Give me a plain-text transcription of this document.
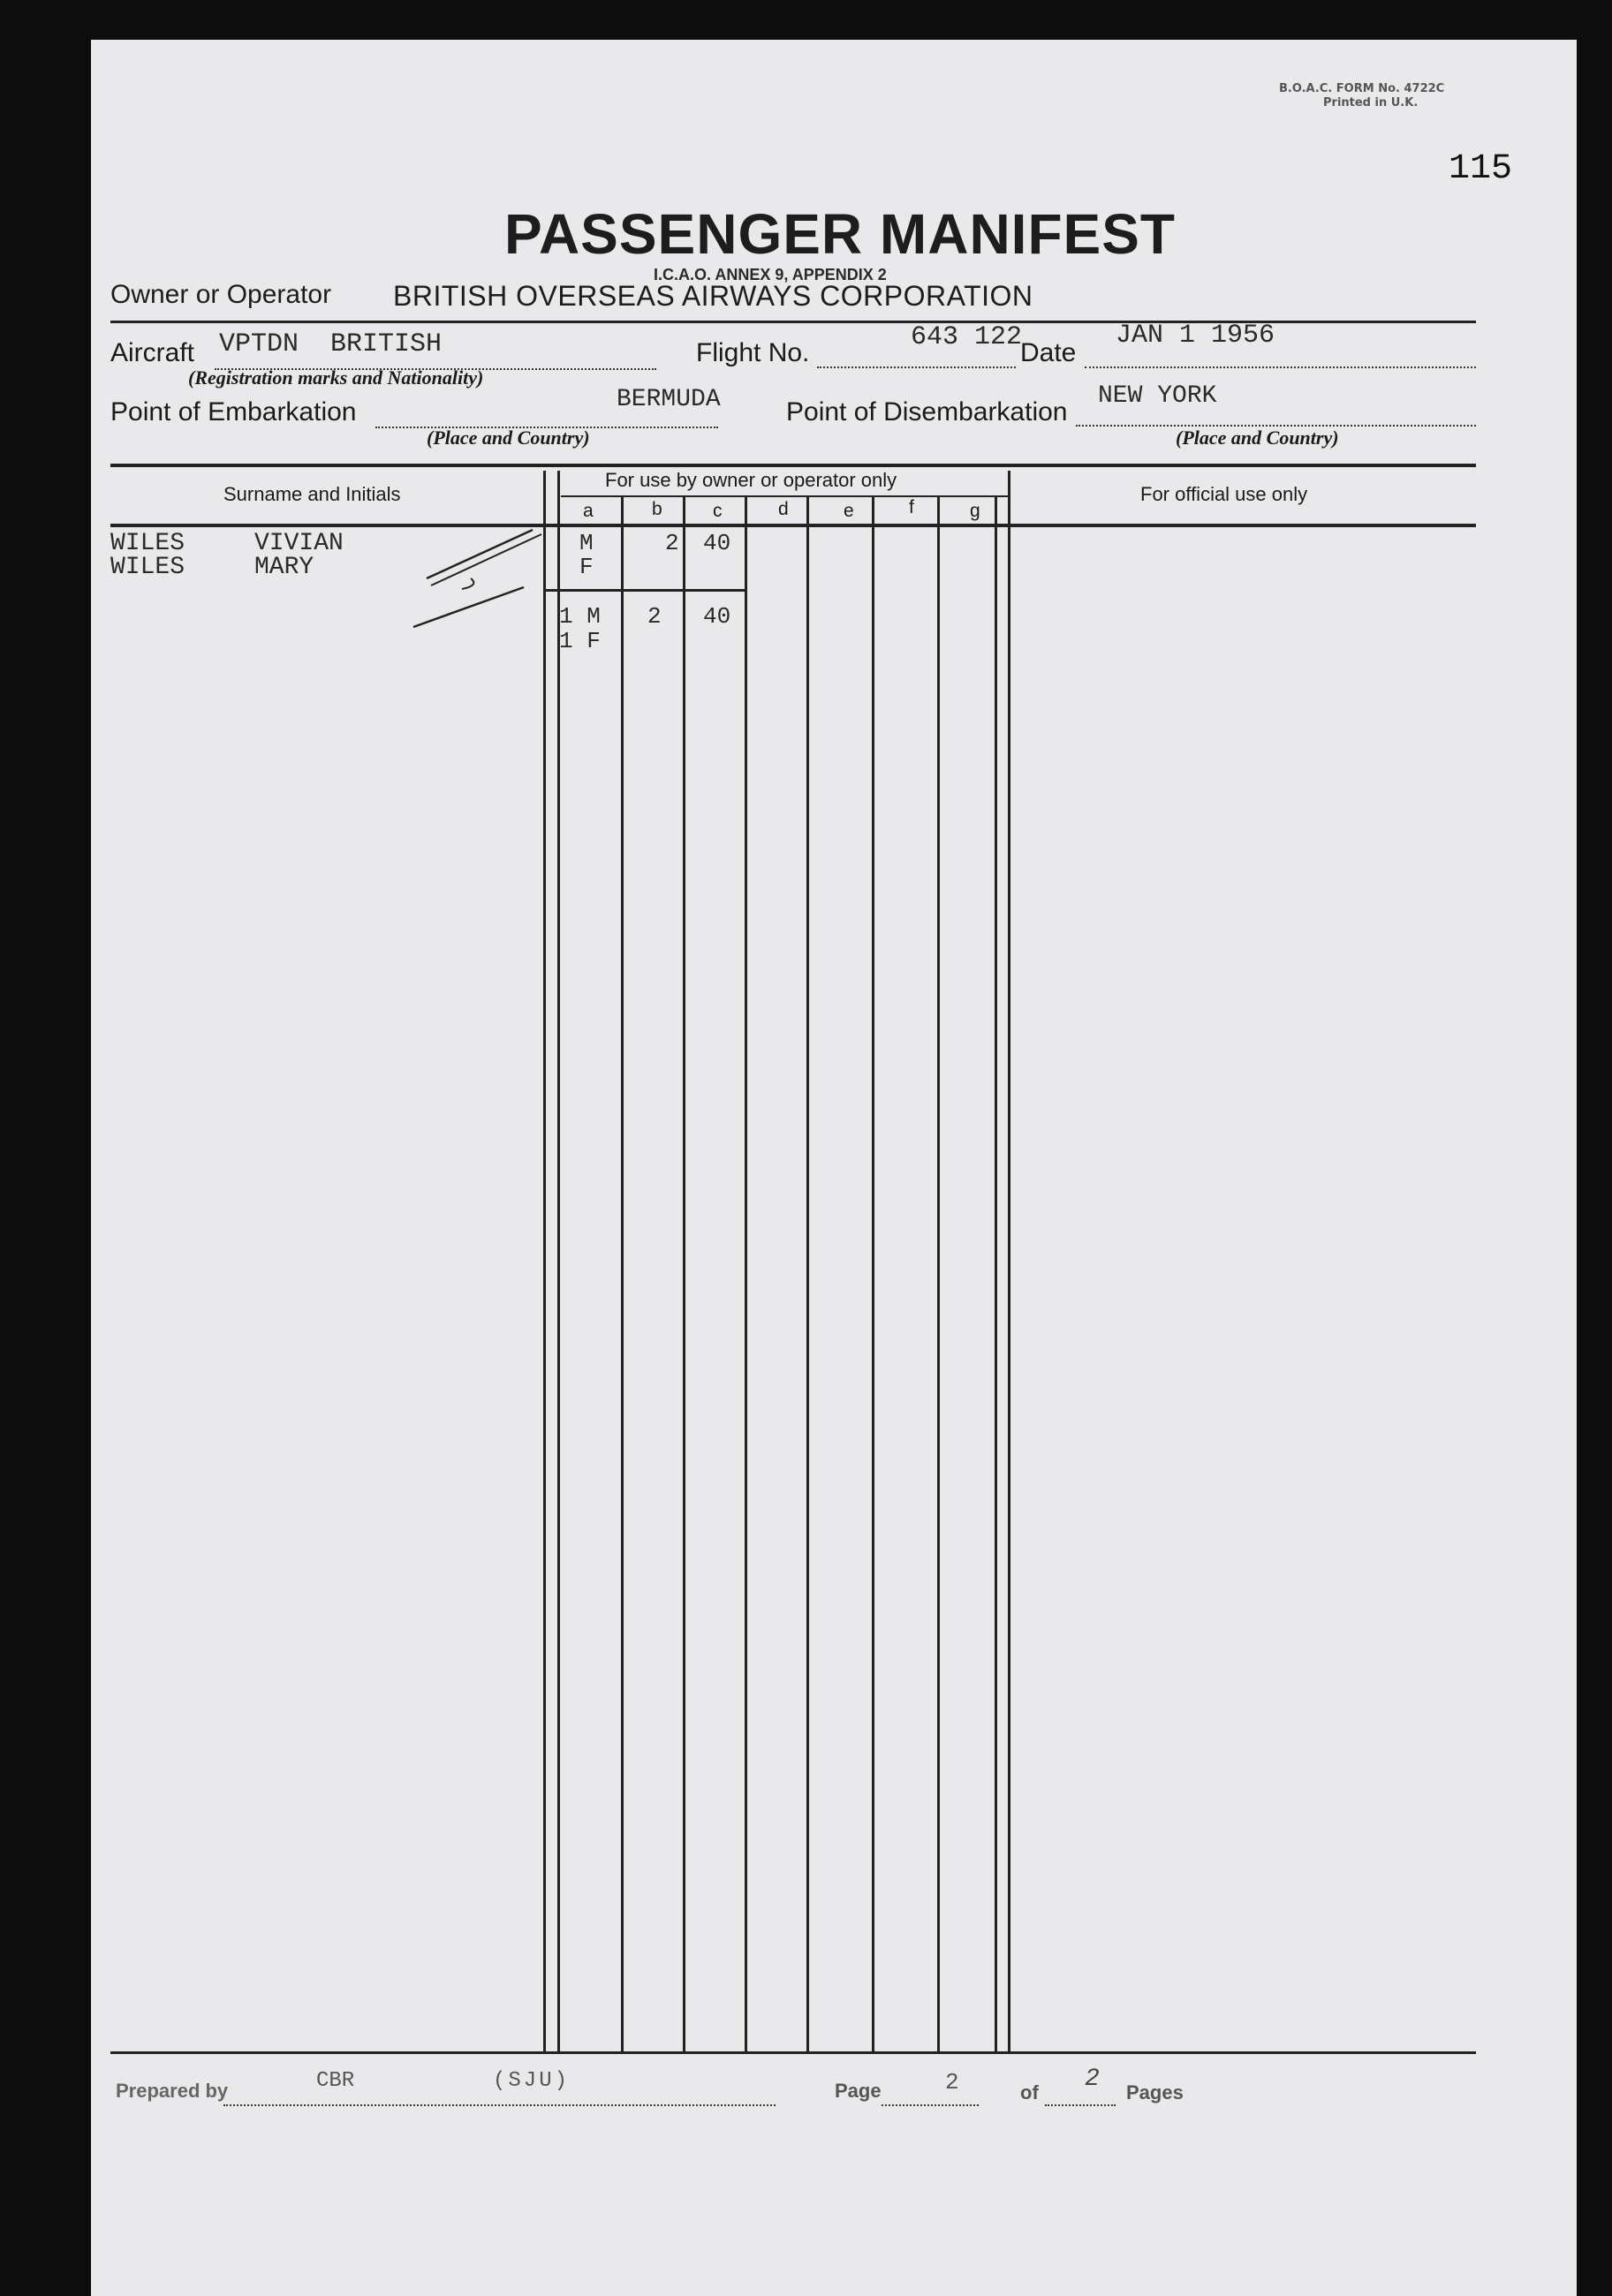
B.O.A.C. FORM No. 4722C
Printed in U.K.
115
PASSENGER MANIFEST
I.C.A.O. ANNEX 9, APPENDIX 2
Owner or Operator BRITISH OVERSEAS AIRWAYS CORPORATION
Aircraft VPTDN BRITISH
(Registration marks and Nationality)
Flight No.
643 122
Date
JAN 1 1956
Point of Embarkation	BERMUDA
(Place and Country)
Point of Disembarkation
NEW YORK
(Place and Country)
Surname and Initials
For use by owner or operator only
For official use only
a	b	c	d	e	f	g
WILES	VIVIAN	M	2 40
WILES	MARY	F
1 M 2 40
1 F
Prepared by	CBR	(SJU)	Page	2	of 2 Pages
